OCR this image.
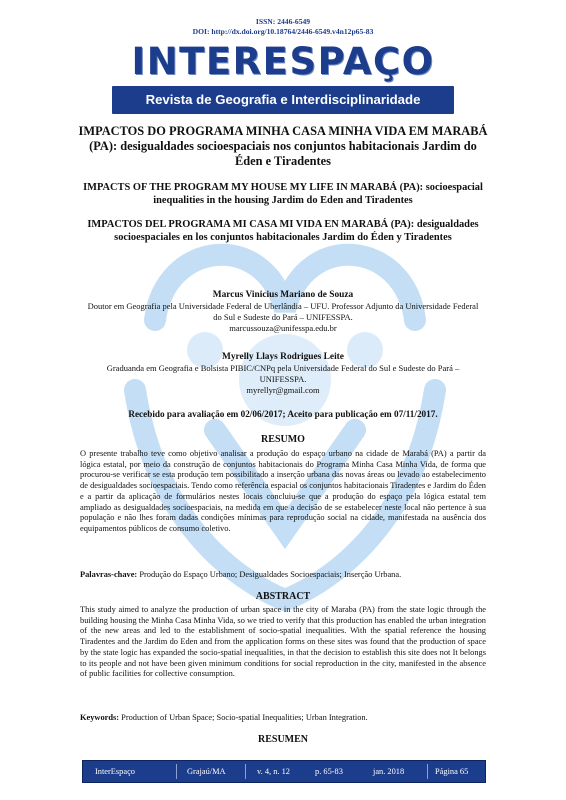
ISSN: 2446-6549
DOI: http://dx.doi.org/10.18764/2446-6549.v4n12p65-83
INTERESPAÇO
Revista de Geografia e Interdisciplinaridade
IMPACTOS DO PROGRAMA MINHA CASA MINHA VIDA EM MARABÁ (PA): desigualdades socioespaciais nos conjuntos habitacionais Jardim do Éden e Tiradentes
IMPACTS OF THE PROGRAM MY HOUSE MY LIFE IN MARABÁ (PA): socioespacial inequalities in the housing Jardim do Eden and Tiradentes
IMPACTOS DEL PROGRAMA MI CASA MI VIDA EN MARABÁ (PA): desigualdades socioespaciales en los conjuntos habitacionales Jardim do Éden y Tiradentes
Marcus Vinicius Mariano de Souza
Doutor em Geografia pela Universidade Federal de Uberlândia – UFU. Professor Adjunto da Universidade Federal do Sul e Sudeste do Pará – UNIFESSPA.
marcussouza@unifesspa.edu.br
Myrelly Llays Rodrigues Leite
Graduanda em Geografia e Bolsista PIBIC/CNPq pela Universidade Federal do Sul e Sudeste do Pará – UNIFESSPA.
myrellyr@gmail.com
Recebido para avaliação em 02/06/2017; Aceito para publicação em 07/11/2017.
RESUMO
O presente trabalho teve como objetivo analisar a produção do espaço urbano na cidade de Marabá (PA) a partir da lógica estatal, por meio da construção de conjuntos habitacionais do Programa Minha Casa Minha Vida, de forma que procurou-se verificar se esta produção tem possibilitado a inserção urbana das novas áreas ou levado ao estabelecimento de desigualdades socioespaciais. Tendo como referência espacial os conjuntos habitacionais Tiradentes e Jardim do Éden e a partir da aplicação de formulários nestes locais concluiu-se que a produção do espaço pela lógica estatal tem ampliado as desigualdades socioespaciais, na medida em que a decisão de se estabelecer neste local não pertence à sua população e não lhes foram dadas condições mínimas para reprodução social na cidade, manifestada na ausência dos equipamentos públicos de consumo coletivo.
Palavras-chave: Produção do Espaço Urbano; Desigualdades Socioespaciais; Inserção Urbana.
ABSTRACT
This study aimed to analyze the production of urban space in the city of Maraba (PA) from the state logic through the building housing the Minha Casa Minha Vida, so we tried to verify that this production has enabled the urban integration of the new areas and led to the establishment of socio-spatial inequalities. With the spatial reference the housing Tiradentes and the Jardim do Eden and from the application forms on these sites was found that the production of space by the state logic has expanded the socio-spatial inequalities, in that the decision to establish this site does not It belongs to its people and not have been given minimum conditions for social reproduction in the city, manifested in the absence of public facilities for collective consumption.
Keywords: Production of Urban Space; Socio-spatial Inequalities; Urban Integration.
RESUMEN
InterEspaço	Grajaú/MA	v. 4, n. 12	p. 65-83	jan. 2018	Página 65
